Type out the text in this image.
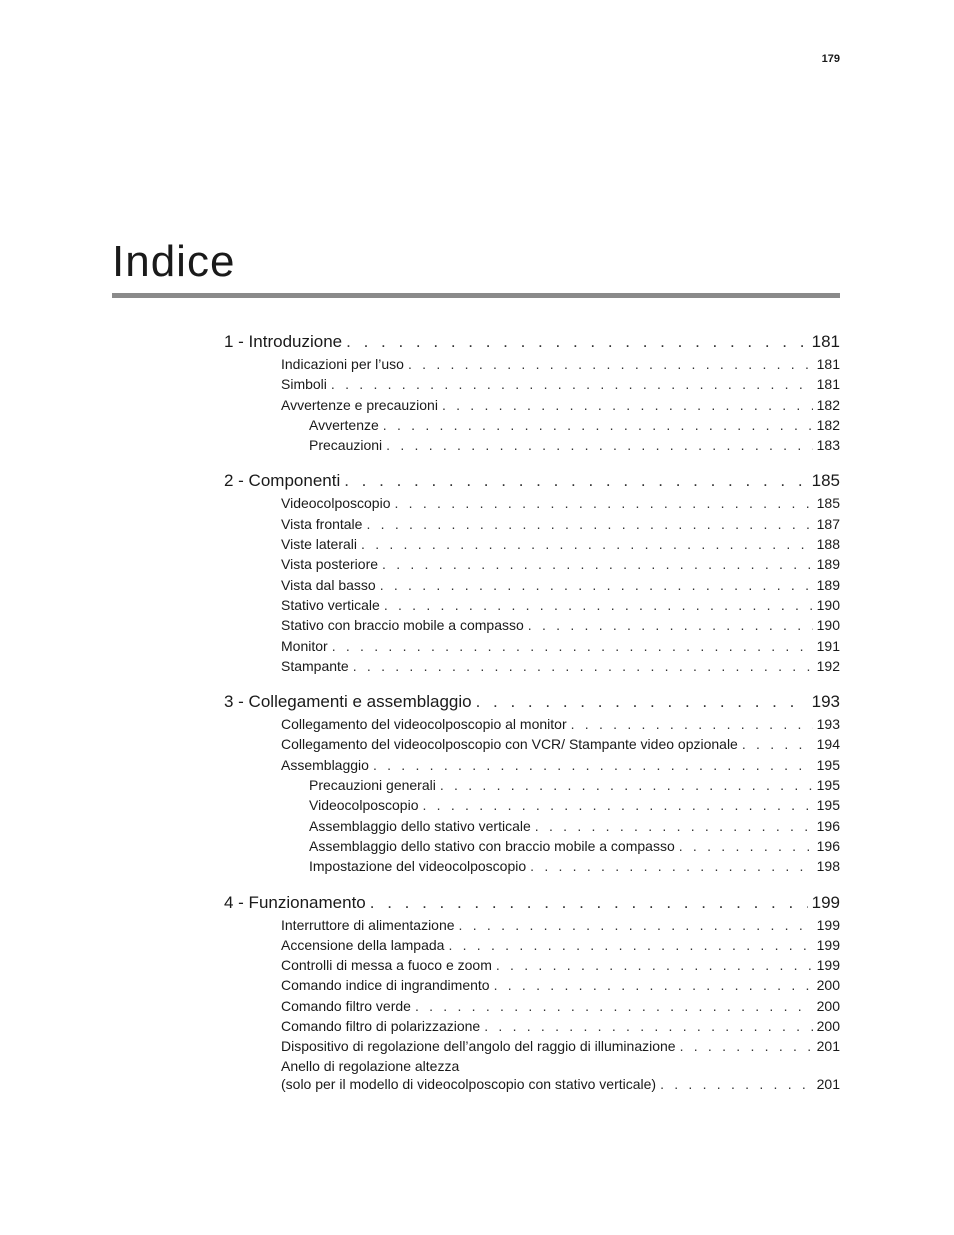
179
Indice
1 - Introduzione . . .	181
Indicazioni per l’uso . . .	181
Simboli . . .	181
Avvertenze e precauzioni . . .	182
Avvertenze . . .	182
Precauzioni . . .	183
2 - Componenti . . .	185
Videocolposcopio . . .	185
Vista frontale . . .	187
Viste laterali . . .	188
Vista posteriore . . .	189
Vista dal basso . . .	189
Stativo verticale . . .	190
Stativo con braccio mobile a compasso . . .	190
Monitor . . .	191
Stampante . . .	192
3 - Collegamenti e assemblaggio . . .	193
Collegamento del videocolposcopio al monitor . . .	193
Collegamento del videocolposcopio con VCR/ Stampante video opzionale . . .	194
Assemblaggio . . .	195
Precauzioni generali . . .	195
Videocolposcopio . . .	195
Assemblaggio dello stativo verticale . . .	196
Assemblaggio dello stativo con braccio mobile a compasso . . .	196
Impostazione del videocolposcopio . . .	198
4 - Funzionamento . . .	199
Interruttore di alimentazione . . .	199
Accensione della lampada . . .	199
Controlli di messa a fuoco e zoom . . .	199
Comando indice di ingrandimento . . .	200
Comando filtro verde . . .	200
Comando filtro di polarizzazione . . .	200
Dispositivo di regolazione dell’angolo del raggio di illuminazione . . .	201
Anello di regolazione altezza
(solo per il modello di videocolposcopio con stativo verticale) . . .	201
